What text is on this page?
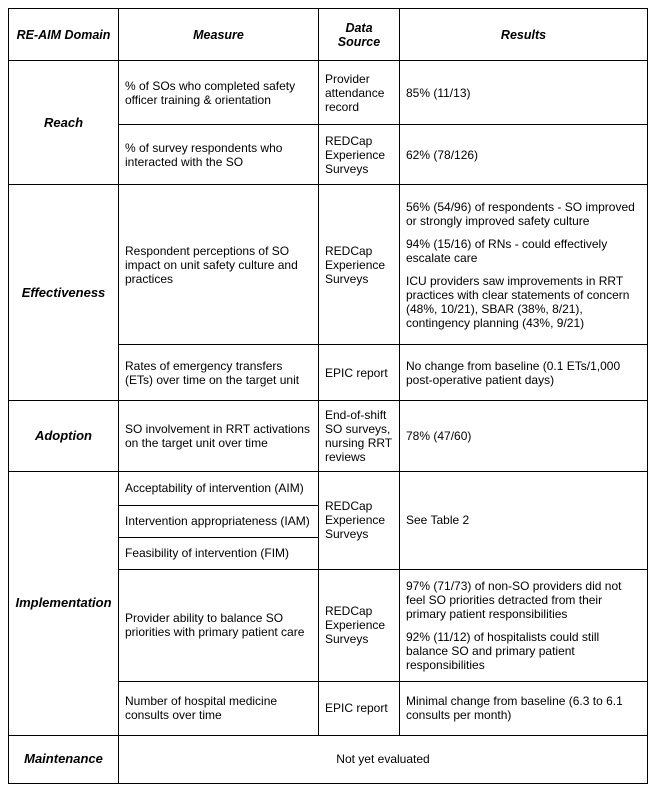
RE-AIM Domain	Measure	Data Source	Results
Reach	% of SOs who completed safety officer training & orientation	Provider attendance record	85% (11/13)
	% of survey respondents who interacted with the SO	REDCap Experience Surveys	62% (78/126)
Effectiveness	Respondent perceptions of SO impact on unit safety culture and practices	REDCap Experience Surveys	56% (54/96) of respondents - SO improved or strongly improved safety culture

94% (15/16) of RNs - could effectively escalate care

ICU providers saw improvements in RRT practices with clear statements of concern (48%, 10/21), SBAR (38%, 8/21), contingency planning (43%, 9/21)

	Rates of emergency transfers (ETs) over time on the target unit	EPIC report	No change from baseline (0.1 ETs/1,000 post-operative patient days)
Adoption	SO involvement in RRT activations on the target unit over time	End-of-shift SO surveys, nursing RRT reviews	78% (47/60)
Implementation	Acceptability of intervention (AIM)	REDCap Experience Surveys	See Table 2
	Intervention appropriateness (IAM)		
	Feasibility of intervention (FIM)		
	Provider ability to balance SO priorities with primary patient care	REDCap Experience Surveys	97% (71/73) of non-SO providers did not feel SO priorities detracted from their primary patient responsibilities

92% (11/12) of hospitalists could still balance SO and primary patient responsibilities

	Number of hospital medicine consults over time	EPIC report	Minimal change from baseline (6.3 to 6.1 consults per month)
Maintenance	Not yet evaluated		
